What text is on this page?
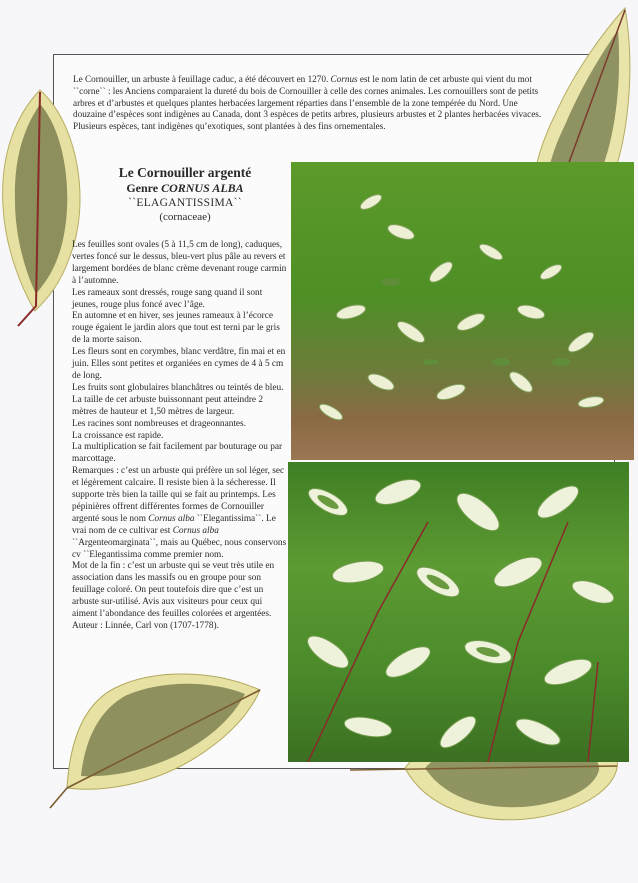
Le Cornouiller, un arbuste à feuillage caduc, a été découvert en 1270. Cornus est le nom latin de cet arbuste qui vient du mot ``corne`` : les Anciens comparaient la dureté du bois de Cornouiller à celle des cornes animales. Les cornouillers sont de petits arbres et d’arbustes et quelques plantes herbacées largement réparties dans l’ensemble de la zone tempérée du Nord. Une douzaine d’espèces sont indigènes au Canada, dont 3 espèces de petits arbres, plusieurs arbustes et 2 plantes herbacées vivaces. Plusieurs espèces, tant indigènes qu’exotiques, sont plantées à des fins ornementales.
Le Cornouiller argenté
Genre CORNUS ALBA
``ELAGANTISSIMA``
(cornaceae)

Les feuilles sont ovales (5 à 11,5 cm de long), caduques, vertes foncé sur le dessus, bleu-vert plus pâle au revers et largement bordées de blanc crème devenant rouge carmin à l’automne.

Les rameaux sont dressés, rouge sang quand il sont jeunes, rouge plus foncé avec l’âge.

En automne et en hiver, ses jeunes rameaux à l’écorce rouge égaient le jardin alors que tout est terni par le gris de la morte saison.

Les fleurs sont en corymbes, blanc verdâtre, fin mai et en juin. Elles sont petites et organiées en cymes de 4 à 5 cm de long.

Les fruits sont globulaires blanchâtres ou teintés de bleu.

La taille de cet arbuste buissonnant peut atteindre 2 mètres de hauteur et 1,50 mètres de largeur.

Les racines sont nombreuses et drageonnantes.

La croissance est rapide.

La multiplication se fait facilement par bouturage ou par marcottage.

Remarques : c’est un arbuste qui préfère un sol léger, sec et légèrement calcaire. Il resiste bien à la sécheresse. Il supporte très bien la taille qui se fait au printemps. Les pépinières offrent différentes formes de Cornouiller argenté sous le nom Cornus alba ``Elegantissima``. Le vrai nom de ce cultivar est Cornus alba ``Argenteomarginata``, mais au Québec, nous conservons cv ``Elegantissima comme premier nom.

Mot de la fin : c’est un arbuste qui se veut très utile en association dans les massifs ou en groupe pour son feuillage coloré. On peut toutefois dire que c’est un arbuste sur-utilisé. Avis aux visiteurs pour ceux qui aiment l’abondance des feuilles colorées et argentées.

Auteur : Linnée, Carl von (1707-1778).
